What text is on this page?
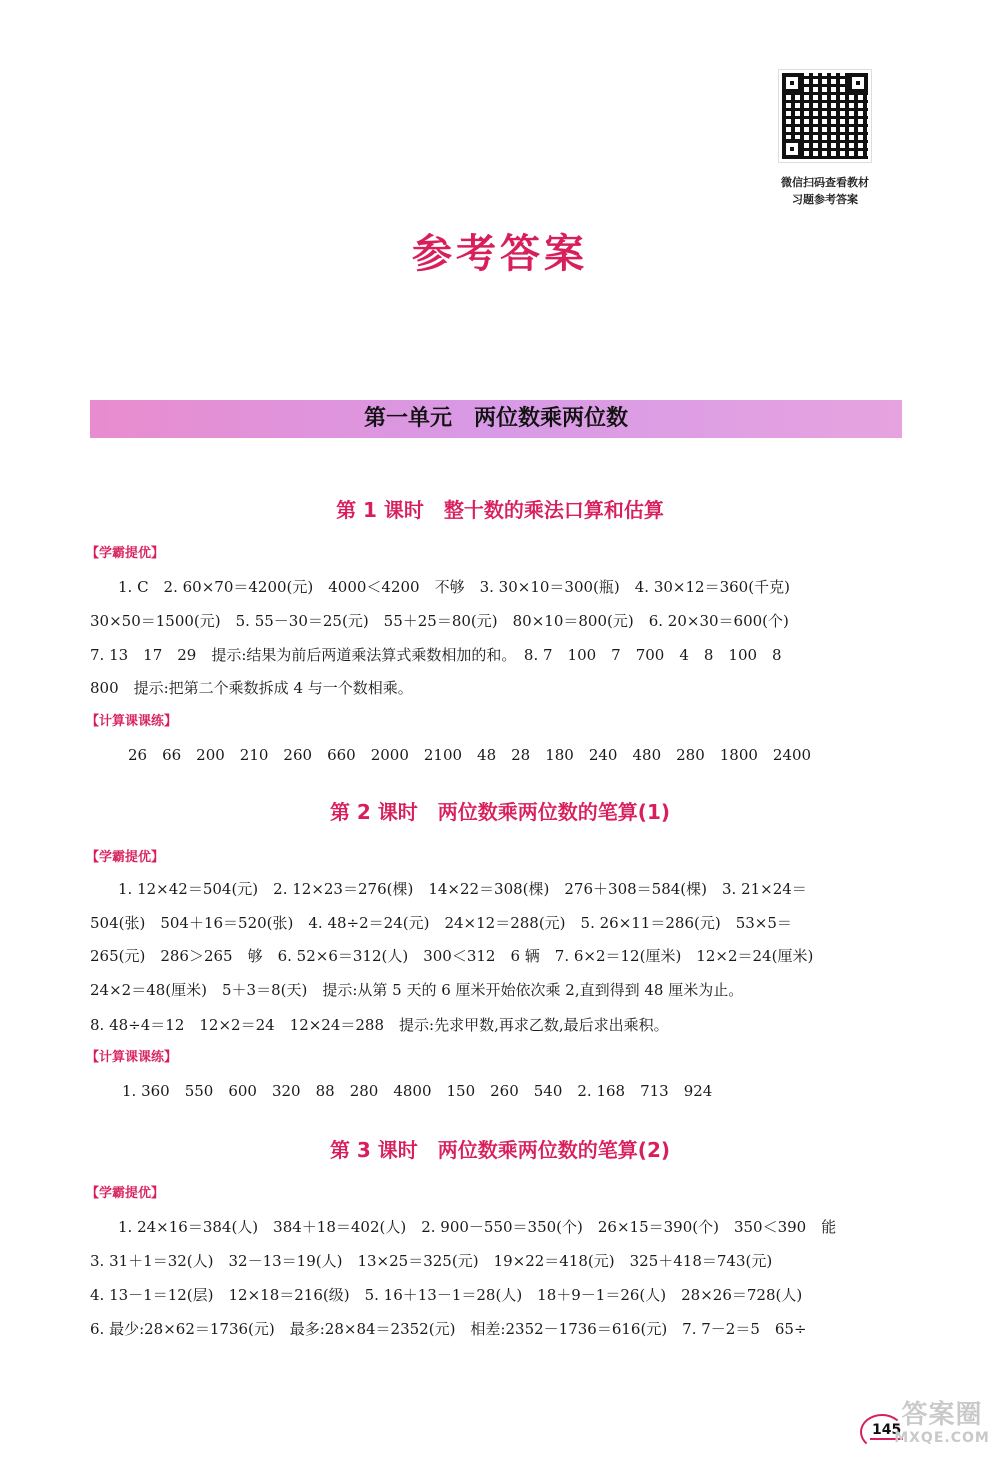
微信扫码查看教材
习题参考答案
参考答案
第一单元　两位数乘两位数
第 1 课时　整十数的乘法口算和估算
【学霸提优】
1. C　2. 60×70＝4200(元)　4000＜4200　不够　3. 30×10＝300(瓶)　4. 30×12＝360(千克)
30×50＝1500(元)　5. 55－30＝25(元)　55＋25＝80(元)　80×10＝800(元)　6. 20×30＝600(个)
7. 13　17　29　提示:结果为前后两道乘法算式乘数相加的和。　8. 7　100　7　700　4　8　100　8
800　提示:把第二个乘数拆成 4 与一个数相乘。
【计算课课练】
26　66　200　210　260　660　2000　2100　48　28　180　240　480　280　1800　2400
第 2 课时　两位数乘两位数的笔算(1)
【学霸提优】
1. 12×42＝504(元)　2. 12×23＝276(棵)　14×22＝308(棵)　276＋308＝584(棵)　3. 21×24＝
504(张)　504＋16＝520(张)　4. 48÷2＝24(元)　24×12＝288(元)　5. 26×11＝286(元)　53×5＝
265(元)　286＞265　够　6. 52×6＝312(人)　300＜312　6 辆　7. 6×2＝12(厘米)　12×2＝24(厘米)
24×2＝48(厘米)　5＋3＝8(天)　提示:从第 5 天的 6 厘米开始依次乘 2,直到得到 48 厘米为止。
8. 48÷4＝12　12×2＝24　12×24＝288　提示:先求甲数,再求乙数,最后求出乘积。
【计算课课练】
1. 360　550　600　320　88　280　4800　150　260　540　2. 168　713　924
第 3 课时　两位数乘两位数的笔算(2)
【学霸提优】
1. 24×16＝384(人)　384＋18＝402(人)　2. 900－550＝350(个)　26×15＝390(个)　350＜390　能
3. 31＋1＝32(人)　32－13＝19(人)　13×25＝325(元)　19×22＝418(元)　325＋418＝743(元)
4. 13－1＝12(层)　12×18＝216(级)　5. 16＋13－1＝28(人)　18＋9－1＝26(人)　28×26＝728(人)
6. 最少:28×62＝1736(元)　最多:28×84＝2352(元)　相差:2352－1736＝616(元)　7. 7－2＝5　65÷
145 答案圈
MXQE.COM
